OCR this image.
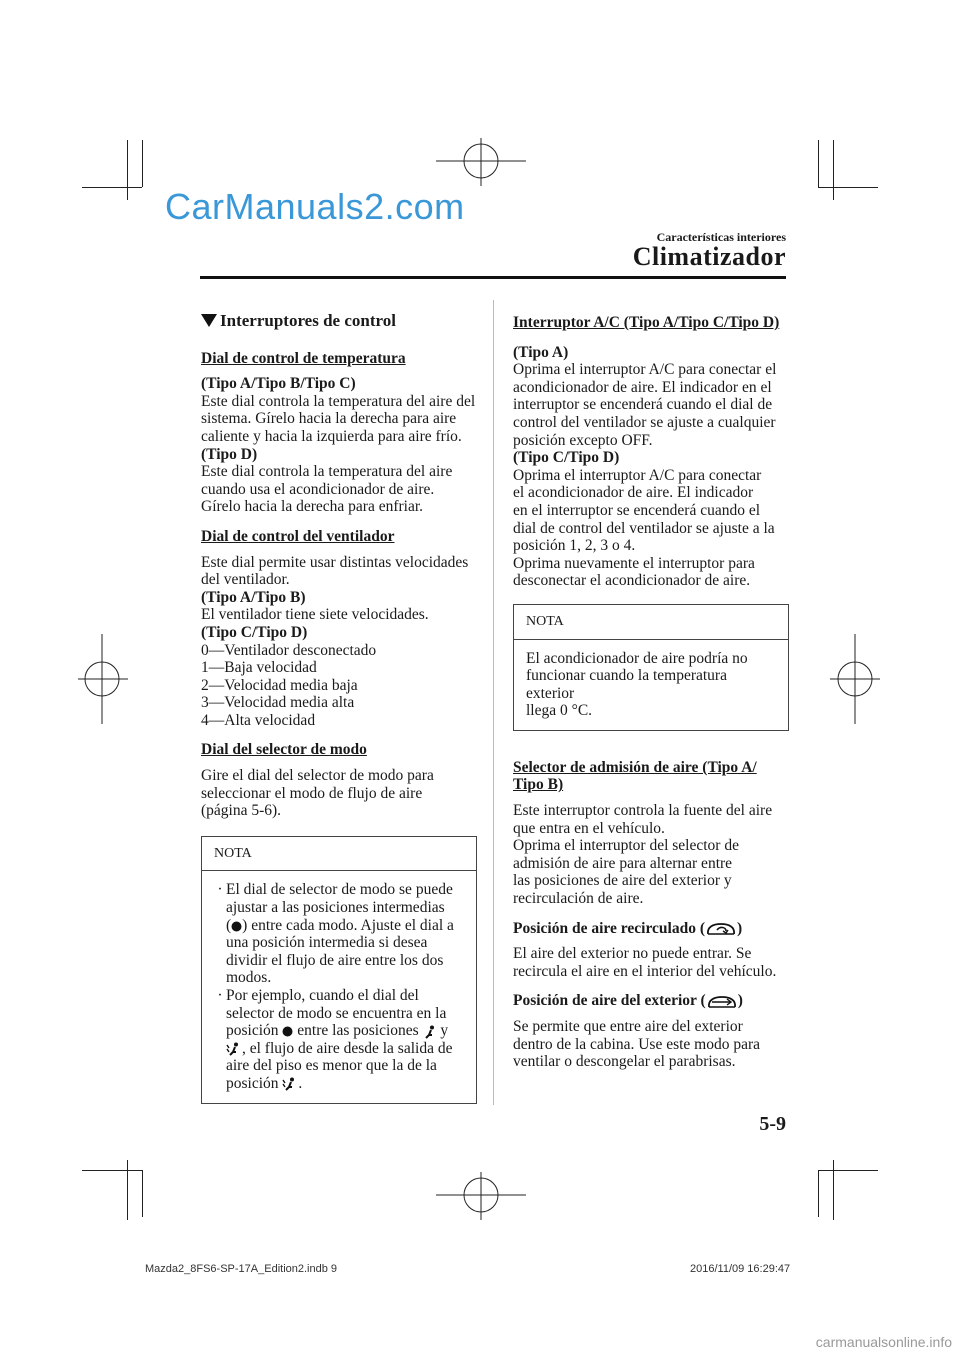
CarManuals2.com
Características interiores
Climatizador
Interruptores de control

Dial de control de temperatura

(Tipo A/Tipo B/Tipo C)

Este dial controla la temperatura del aire del

sistema. Gírelo hacia la derecha para aire

caliente y hacia la izquierda para aire frío.

(Tipo D)

Este dial controla la temperatura del aire

cuando usa el acondicionador de aire.

Gírelo hacia la derecha para enfriar.

Dial de control del ventilador

Este dial permite usar distintas velocidades

del ventilador.

(Tipo A/Tipo B)

El ventilador tiene siete velocidades.

(Tipo C/Tipo D)

0—Ventilador desconectado

1—Baja velocidad

2—Velocidad media baja

3—Velocidad media alta

4—Alta velocidad

Dial del selector de modo

Gire el dial del selector de modo para

seleccionar el modo de flujo de aire

(página 5-6).

NOTA
· El dial de selector de modo se puede

ajustar a las posiciones intermedias

( ) entre cada modo. Ajuste el dial a

una posición intermedia si desea

dividir el flujo de aire entre los dos

modos.

· Por ejemplo, cuando el dial del

selector de modo se encuentra en la

posición entre las posiciones y

, el flujo de aire desde la salida de

aire del piso es menor que la de la

posición .

Interruptor A/C (Tipo A/Tipo C/Tipo D)

(Tipo A)

Oprima el interruptor A/C para conectar el

acondicionador de aire. El indicador en el

interruptor se encenderá cuando el dial de

control del ventilador se ajuste a cualquier

posición excepto OFF.

(Tipo C/Tipo D)

Oprima el interruptor A/C para conectar

el acondicionador de aire. El indicador

en el interruptor se encenderá cuando el

dial de control del ventilador se ajuste a la

posición 1, 2, 3 o 4.

Oprima nuevamente el interruptor para

desconectar el acondicionador de aire.

NOTA

El acondicionador de aire podría no

funcionar cuando la temperatura exterior

llega 0 °C.

Selector de admisión de aire (Tipo A/

Tipo B)

Este interruptor controla la fuente del aire

que entra en el vehículo.

Oprima el interruptor del selector de

admisión de aire para alternar entre

las posiciones de aire del exterior y

recirculación de aire.

Posición de aire recirculado ( )

El aire del exterior no puede entrar. Se

recircula el aire en el interior del vehículo.

Posición de aire del exterior ( )

Se permite que entre aire del exterior

dentro de la cabina. Use este modo para

ventilar o descongelar el parabrisas.

5-9
Mazda2_8FS6-SP-17A_Edition2.indb 9	2016/11/09 16:29:47
carmanualsonline.info
